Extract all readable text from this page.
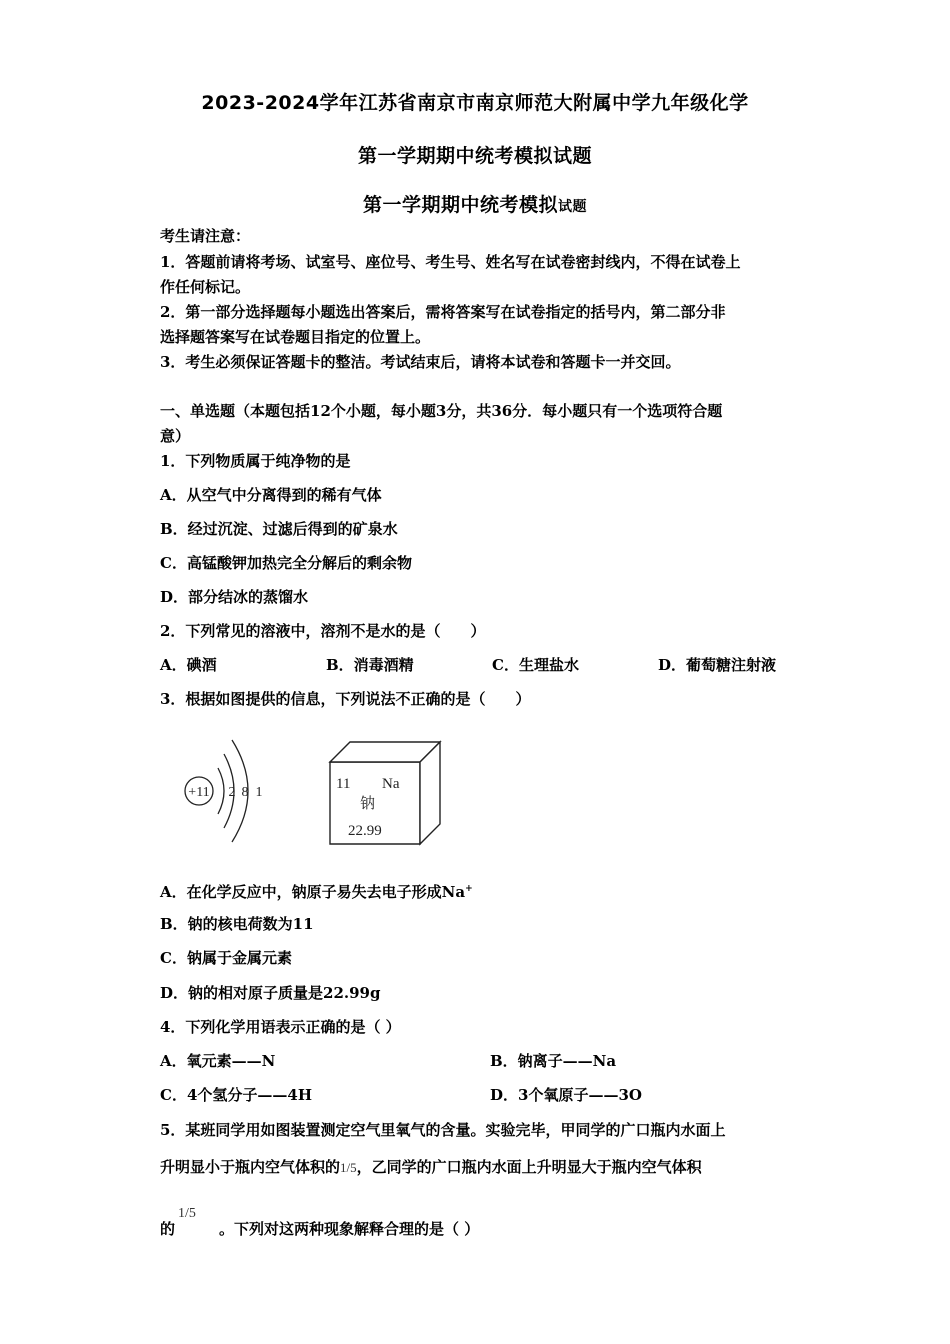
2023-2024学年江苏省南京市南京师范大附属中学九年级化学
第一学期期中统考模拟试题
第一学期期中统考模拟试题
考生请注意：
1．答题前请将考场、试室号、座位号、考生号、姓名写在试卷密封线内，不得在试卷上
作任何标记。
2．第一部分选择题每小题选出答案后，需将答案写在试卷指定的括号内，第二部分非
选择题答案写在试卷题目指定的位置上。
3．考生必须保证答题卡的整洁。考试结束后，请将本试卷和答题卡一并交回。
一、单选题（本题包括12个小题，每小题3分，共36分．每小题只有一个选项符合题
意）
1．下列物质属于纯净物的是
A．从空气中分离得到的稀有气体
B．经过沉淀、过滤后得到的矿泉水
C．高锰酸钾加热完全分解后的剩余物
D．部分结冰的蒸馏水
2．下列常见的溶液中，溶剂不是水的是（　　）
A．碘酒	B．消毒酒精	C．生理盐水	D．葡萄糖注射液
3．根据如图提供的信息，下列说法不正确的是（　　）
+11 2 8 1
11 Na
钠
22.99
A．在化学反应中，钠原子易失去电子形成Na+
B．钠的核电荷数为11
C．钠属于金属元素
D．钠的相对原子质量是22.99g
4．下列化学用语表示正确的是（ ）
A．氧元素——N	B．钠离子——Na
C．4个氢分子——4H	D．3个氧原子——3O
5．某班同学用如图装置测定空气里氧气的含量。实验完毕，甲同学的广口瓶内水面上
升明显小于瓶内空气体积的1/5，乙同学的广口瓶内水面上升明显大于瓶内空气体积
1/5
的	。下列对这两种现象解释合理的是（ ）
